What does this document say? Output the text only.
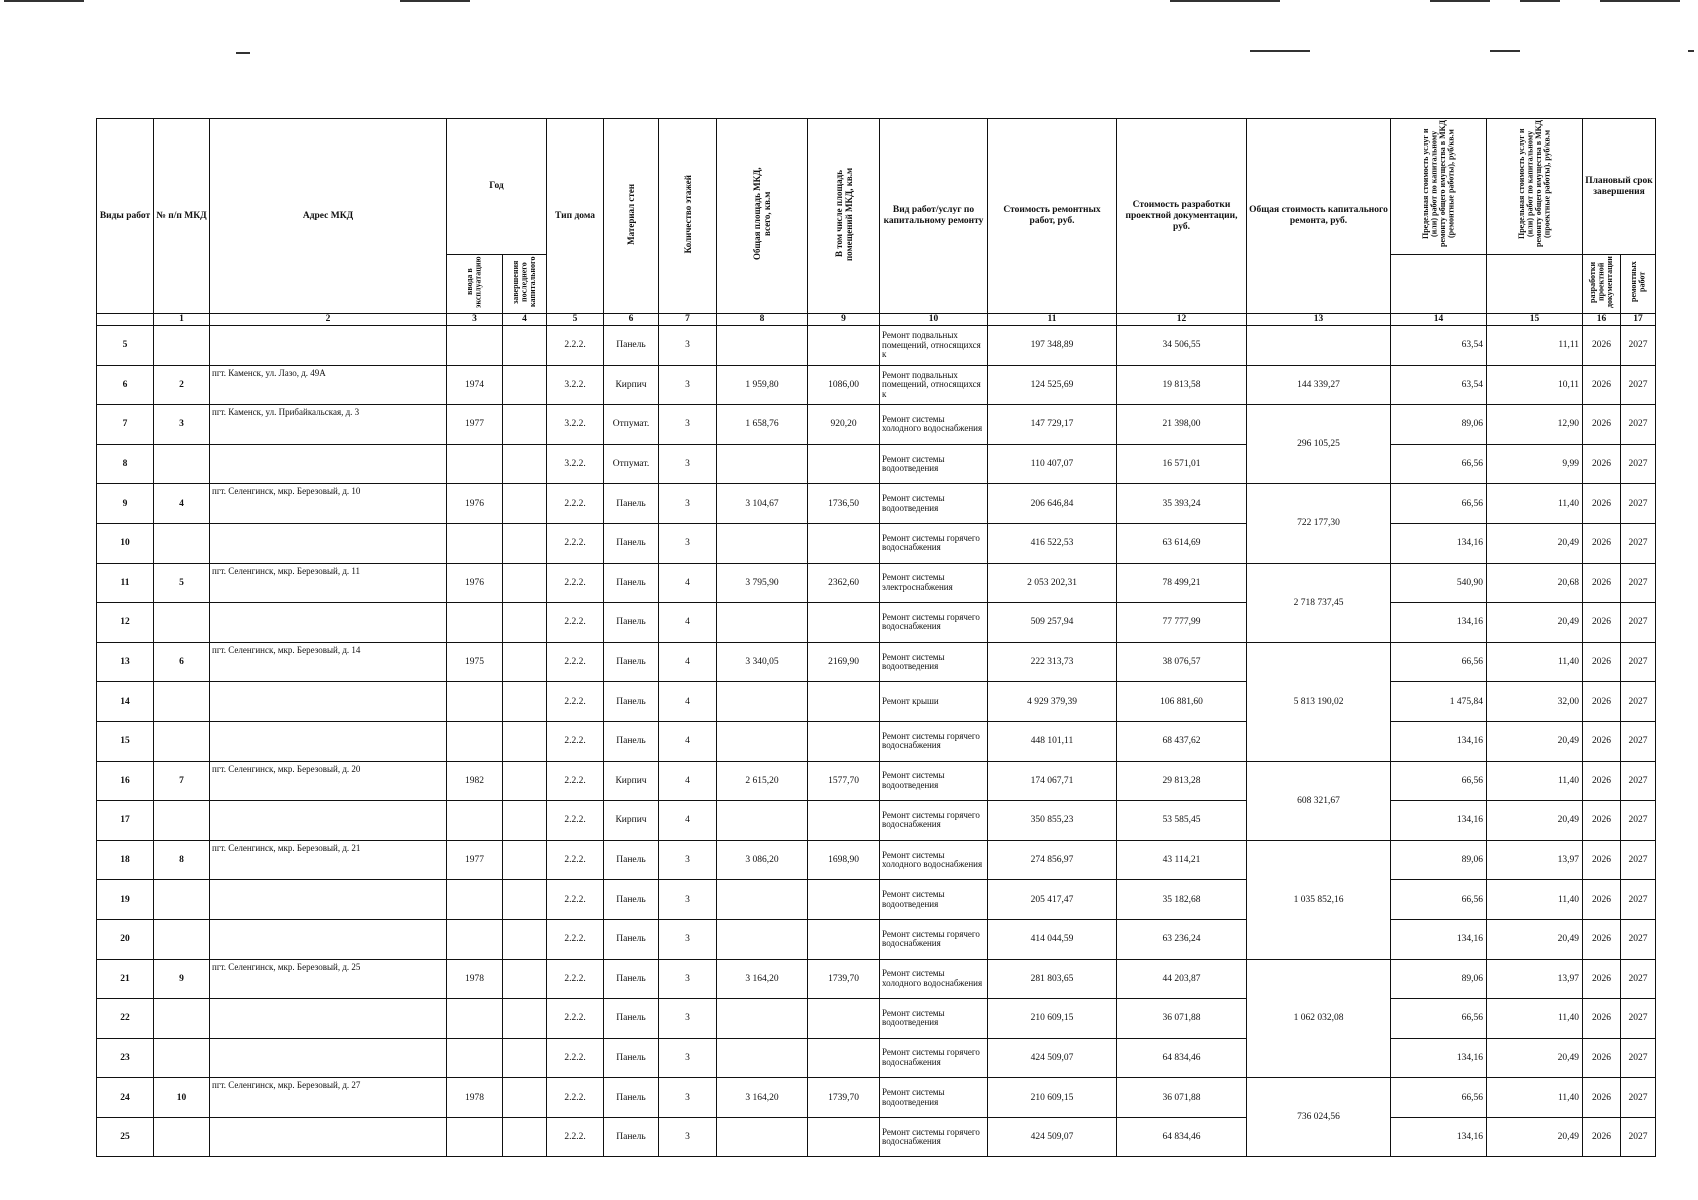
Виды работ	№ п/п МКД	Адрес МКД	Год		Тип дома	Материал стен	Количество этажей	Общая площадь МКД, всего, кв.м	В том числе площадь помещений МКД, кв.м	Вид работ/услуг по капитальному ремонту	Стоимость ремонтных работ, руб.	Стоимость разработки проектной документации, руб.	Общая стоимость капитального ремонта, руб.	Предельная стоимость услуг и (или) работ по капитальному ремонту общего имущества в МКД (ремонтные работы), руб/кв.м	Предельная стоимость услуг и (или) работ по капитальному ремонту общего имущества в МКД (проектные работы), руб/кв.м	Плановый срок завершения	
			ввода в эксплуатацию	завершения последнего капитального												разработки проектной документации	ремонтных работ
	1	2	3	4	5	6	7	8	9	10	11	12	13	14	15	16	17
5					2.2.2.	Панель	3			Ремонт подвальных помещений, относящихся к	197 348,89	34 506,55		63,54	11,11	2026	2027
6	2	пгт. Каменск, ул. Лазо, д. 49А	1974		3.2.2.	Кирпич	3	1 959,80	1086,00	Ремонт подвальных помещений, относящихся к	124 525,69	19 813,58	144 339,27	63,54	10,11	2026	2027
7	3	пгт. Каменск, ул. Прибайкальская, д. 3	1977		3.2.2.	Отпумат.	3	1 658,76	920,20	Ремонт системы холодного водоснабжения	147 729,17	21 398,00	296 105,25	89,06	12,90	2026	2027
8					3.2.2.	Отпумат.	3			Ремонт системы водоотведения	110 407,07	16 571,01		66,56	9,99	2026	2027
9	4	пгт. Селенгинск, мкр. Березовый, д. 10	1976		2.2.2.	Панель	3	3 104,67	1736,50	Ремонт системы водоотведения	206 646,84	35 393,24	722 177,30	66,56	11,40	2026	2027
10					2.2.2.	Панель	3			Ремонт системы горячего водоснабжения	416 522,53	63 614,69		134,16	20,49	2026	2027
11	5	пгт. Селенгинск, мкр. Березовый, д. 11	1976		2.2.2.	Панель	4	3 795,90	2362,60	Ремонт системы электроснабжения	2 053 202,31	78 499,21	2 718 737,45	540,90	20,68	2026	2027
12					2.2.2.	Панель	4			Ремонт системы горячего водоснабжения	509 257,94	77 777,99		134,16	20,49	2026	2027
13	6	пгт. Селенгинск, мкр. Березовый, д. 14	1975		2.2.2.	Панель	4	3 340,05	2169,90	Ремонт системы водоотведения	222 313,73	38 076,57	5 813 190,02	66,56	11,40	2026	2027
14					2.2.2.	Панель	4			Ремонт крыши	4 929 379,39	106 881,60		1 475,84	32,00	2026	2027
15					2.2.2.	Панель	4			Ремонт системы горячего водоснабжения	448 101,11	68 437,62		134,16	20,49	2026	2027
16	7	пгт. Селенгинск, мкр. Березовый, д. 20	1982		2.2.2.	Кирпич	4	2 615,20	1577,70	Ремонт системы водоотведения	174 067,71	29 813,28	608 321,67	66,56	11,40	2026	2027
17					2.2.2.	Кирпич	4			Ремонт системы горячего водоснабжения	350 855,23	53 585,45		134,16	20,49	2026	2027
18	8	пгт. Селенгинск, мкр. Березовый, д. 21	1977		2.2.2.	Панель	3	3 086,20	1698,90	Ремонт системы холодного водоснабжения	274 856,97	43 114,21	1 035 852,16	89,06	13,97	2026	2027
19					2.2.2.	Панель	3			Ремонт системы водоотведения	205 417,47	35 182,68		66,56	11,40	2026	2027
20					2.2.2.	Панель	3			Ремонт системы горячего водоснабжения	414 044,59	63 236,24		134,16	20,49	2026	2027
21	9	пгт. Селенгинск, мкр. Березовый, д. 25	1978		2.2.2.	Панель	3	3 164,20	1739,70	Ремонт системы холодного водоснабжения	281 803,65	44 203,87	1 062 032,08	89,06	13,97	2026	2027
22					2.2.2.	Панель	3			Ремонт системы водоотведения	210 609,15	36 071,88		66,56	11,40	2026	2027
23					2.2.2.	Панель	3			Ремонт системы горячего водоснабжения	424 509,07	64 834,46		134,16	20,49	2026	2027
24	10	пгт. Селенгинск, мкр. Березовый, д. 27	1978		2.2.2.	Панель	3	3 164,20	1739,70	Ремонт системы водоотведения	210 609,15	36 071,88	736 024,56	66,56	11,40	2026	2027
25					2.2.2.	Панель	3			Ремонт системы горячего водоснабжения	424 509,07	64 834,46		134,16	20,49	2026	2027
